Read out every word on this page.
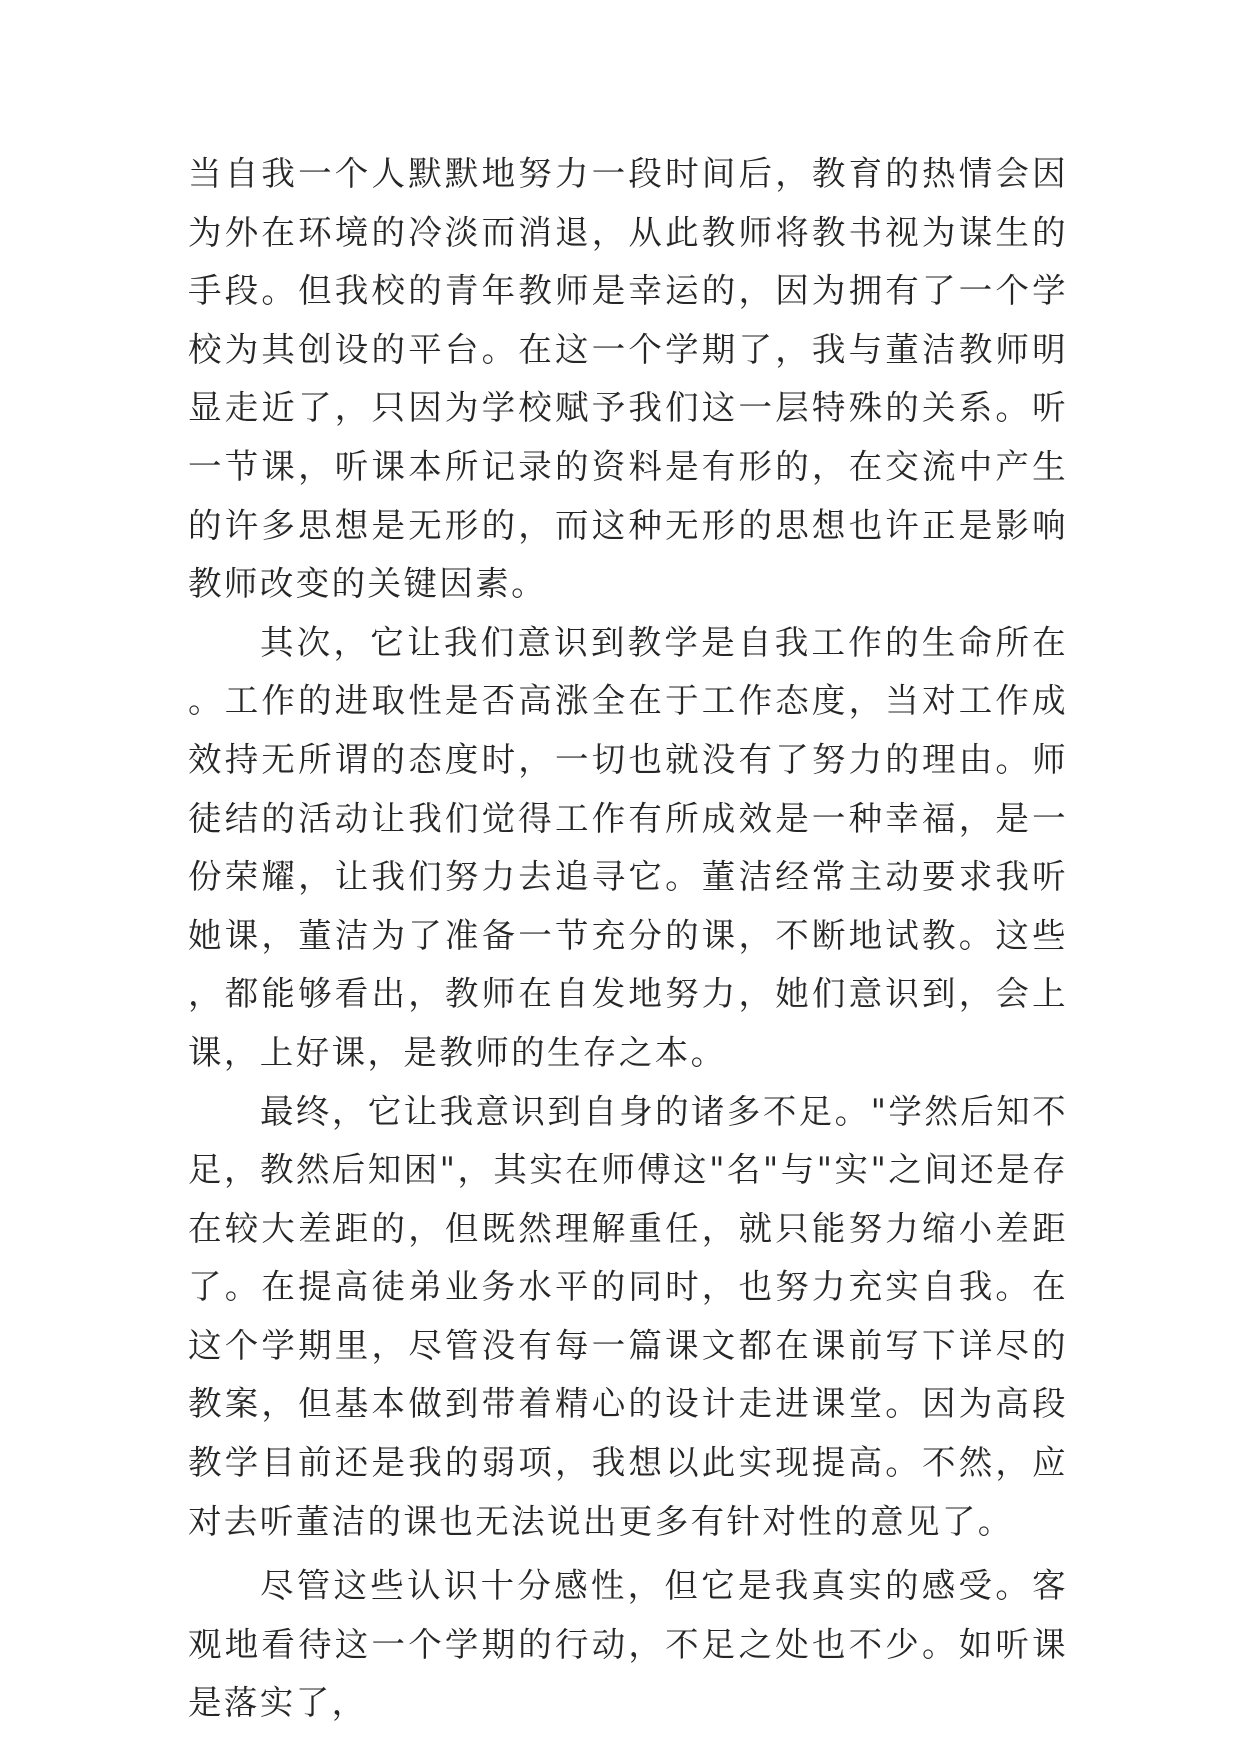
当自我一个人默默地努力一段时间后，教育的热情会因为外在环境的冷淡而消退，从此教师将教书视为谋生的手段。但我校的青年教师是幸运的，因为拥有了一个学校为其创设的平台。在这一个学期了，我与董洁教师明显走近了，只因为学校赋予我们这一层特殊的关系。听一节课，听课本所记录的资料是有形的，在交流中产生的许多思想是无形的，而这种无形的思想也许正是影响教师改变的关键因素。

其次，它让我们意识到教学是自我工作的生命所在。工作的进取性是否高涨全在于工作态度，当对工作成效持无所谓的态度时，一切也就没有了努力的理由。师徒结的活动让我们觉得工作有所成效是一种幸福，是一份荣耀，让我们努力去追寻它。董洁经常主动要求我听她课，董洁为了准备一节充分的课，不断地试教。这些，都能够看出，教师在自发地努力，她们意识到，会上课，上好课，是教师的生存之本。

最终，它让我意识到自身的诸多不足。"学然后知不足，教然后知困"，其实在师傅这"名"与"实"之间还是存在较大差距的，但既然理解重任，就只能努力缩小差距了。在提高徒弟业务水平的同时，也努力充实自我。在这个学期里，尽管没有每一篇课文都在课前写下详尽的教案，但基本做到带着精心的设计走进课堂。因为高段教学目前还是我的弱项，我想以此实现提高。不然，应对去听董洁的课也无法说出更多有针对性的意见了。

尽管这些认识十分感性，但它是我真实的感受。客观地看待这一个学期的行动，不足之处也不少。如听课是落实了，
